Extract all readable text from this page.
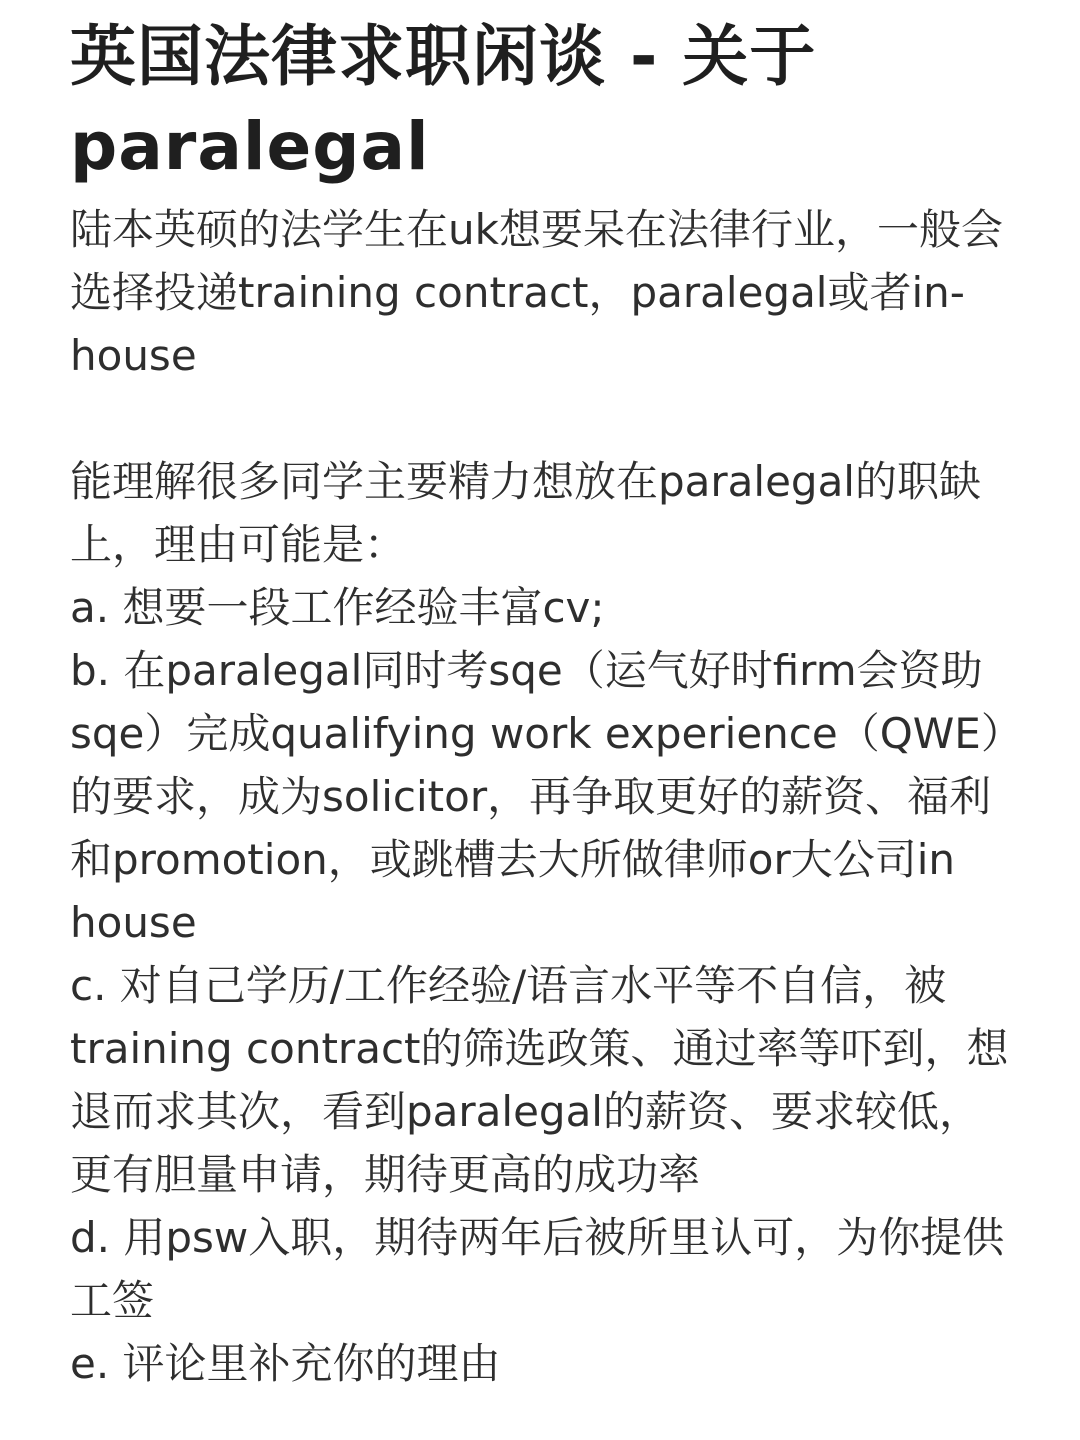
英国法律求职闲谈 - 关于
paralegal

陆本英硕的法学生在uk想要呆在法律行业，一般会选择投递training contract，paralegal或者in-house

能理解很多同学主要精力想放在paralegal的职缺上，理由可能是：

a. 想要一段工作经验丰富cv;

b. 在paralegal同时考sqe（运气好时firm会资助sqe）完成qualifying work experience（QWE）的要求，成为solicitor，再争取更好的薪资、福利和promotion，或跳槽去大所做律师or大公司in house

c. 对自己学历/工作经验/语言水平等不自信，被training contract的筛选政策、通过率等吓到，想退而求其次，看到paralegal的薪资、要求较低，更有胆量申请，期待更高的成功率

d. 用psw入职，期待两年后被所里认可，为你提供工签

e. 评论里补充你的理由
